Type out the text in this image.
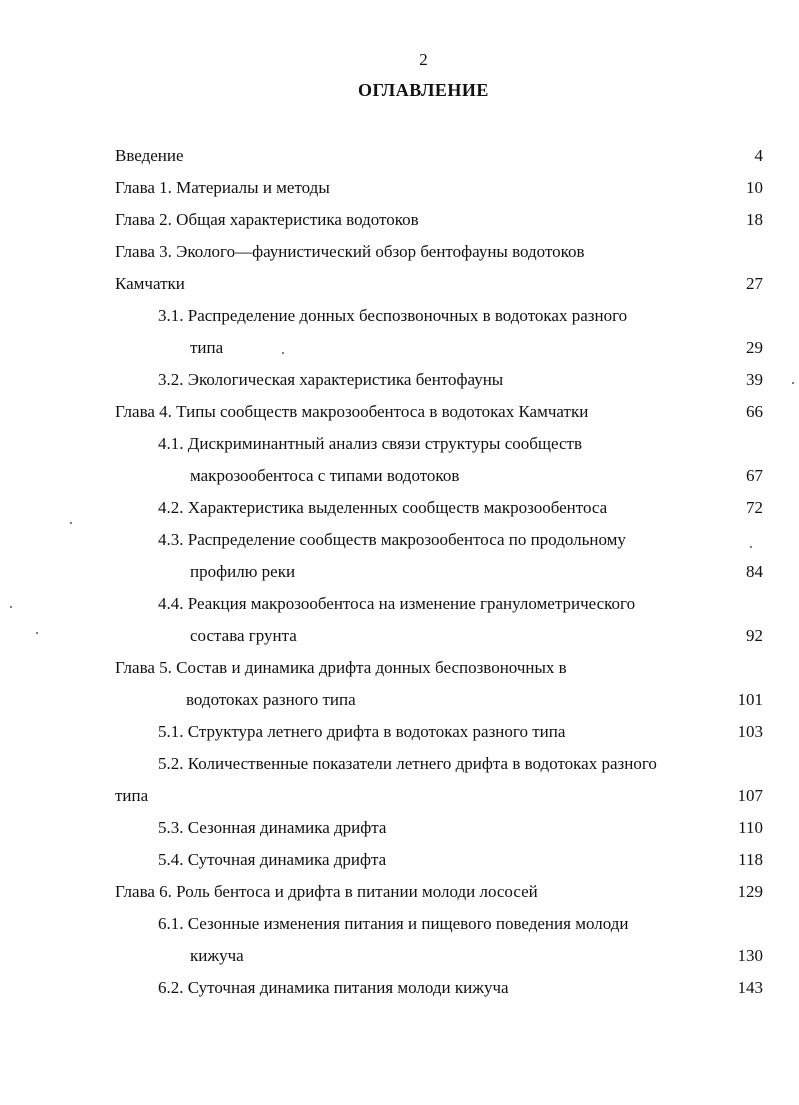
2
ОГЛАВЛЕНИЕ
Введение	4
Глава 1. Материалы и методы	10
Глава 2. Общая характеристика водотоков	18
Глава 3. Эколого—фаунистический обзор бентофауны водотоков
Камчатки	27
3.1. Распределение донных беспозвоночных в водотоках разного
типа	29
3.2. Экологическая характеристика бентофауны	39
Глава 4. Типы сообществ макрозообентоса в водотоках Камчатки	66
4.1. Дискриминантный анализ связи структуры сообществ
макрозообентоса с типами водотоков	67
4.2. Характеристика выделенных сообществ макрозообентоса	72
4.3. Распределение сообществ макрозообентоса по продольному
профилю реки	84
4.4. Реакция макрозообентоса на изменение гранулометрического
состава грунта	92
Глава 5. Состав и динамика дрифта донных беспозвоночных в
водотоках разного типа	101
5.1. Структура летнего дрифта в водотоках разного типа	103
5.2. Количественные показатели летнего дрифта в водотоках разного
типа	107
5.3. Сезонная динамика дрифта	110
5.4. Суточная динамика дрифта	118
Глава 6. Роль бентоса и дрифта в питании молоди лососей	129
6.1. Сезонные изменения питания и пищевого поведения молоди
кижуча	130
6.2. Суточная динамика питания молоди кижуча	143
